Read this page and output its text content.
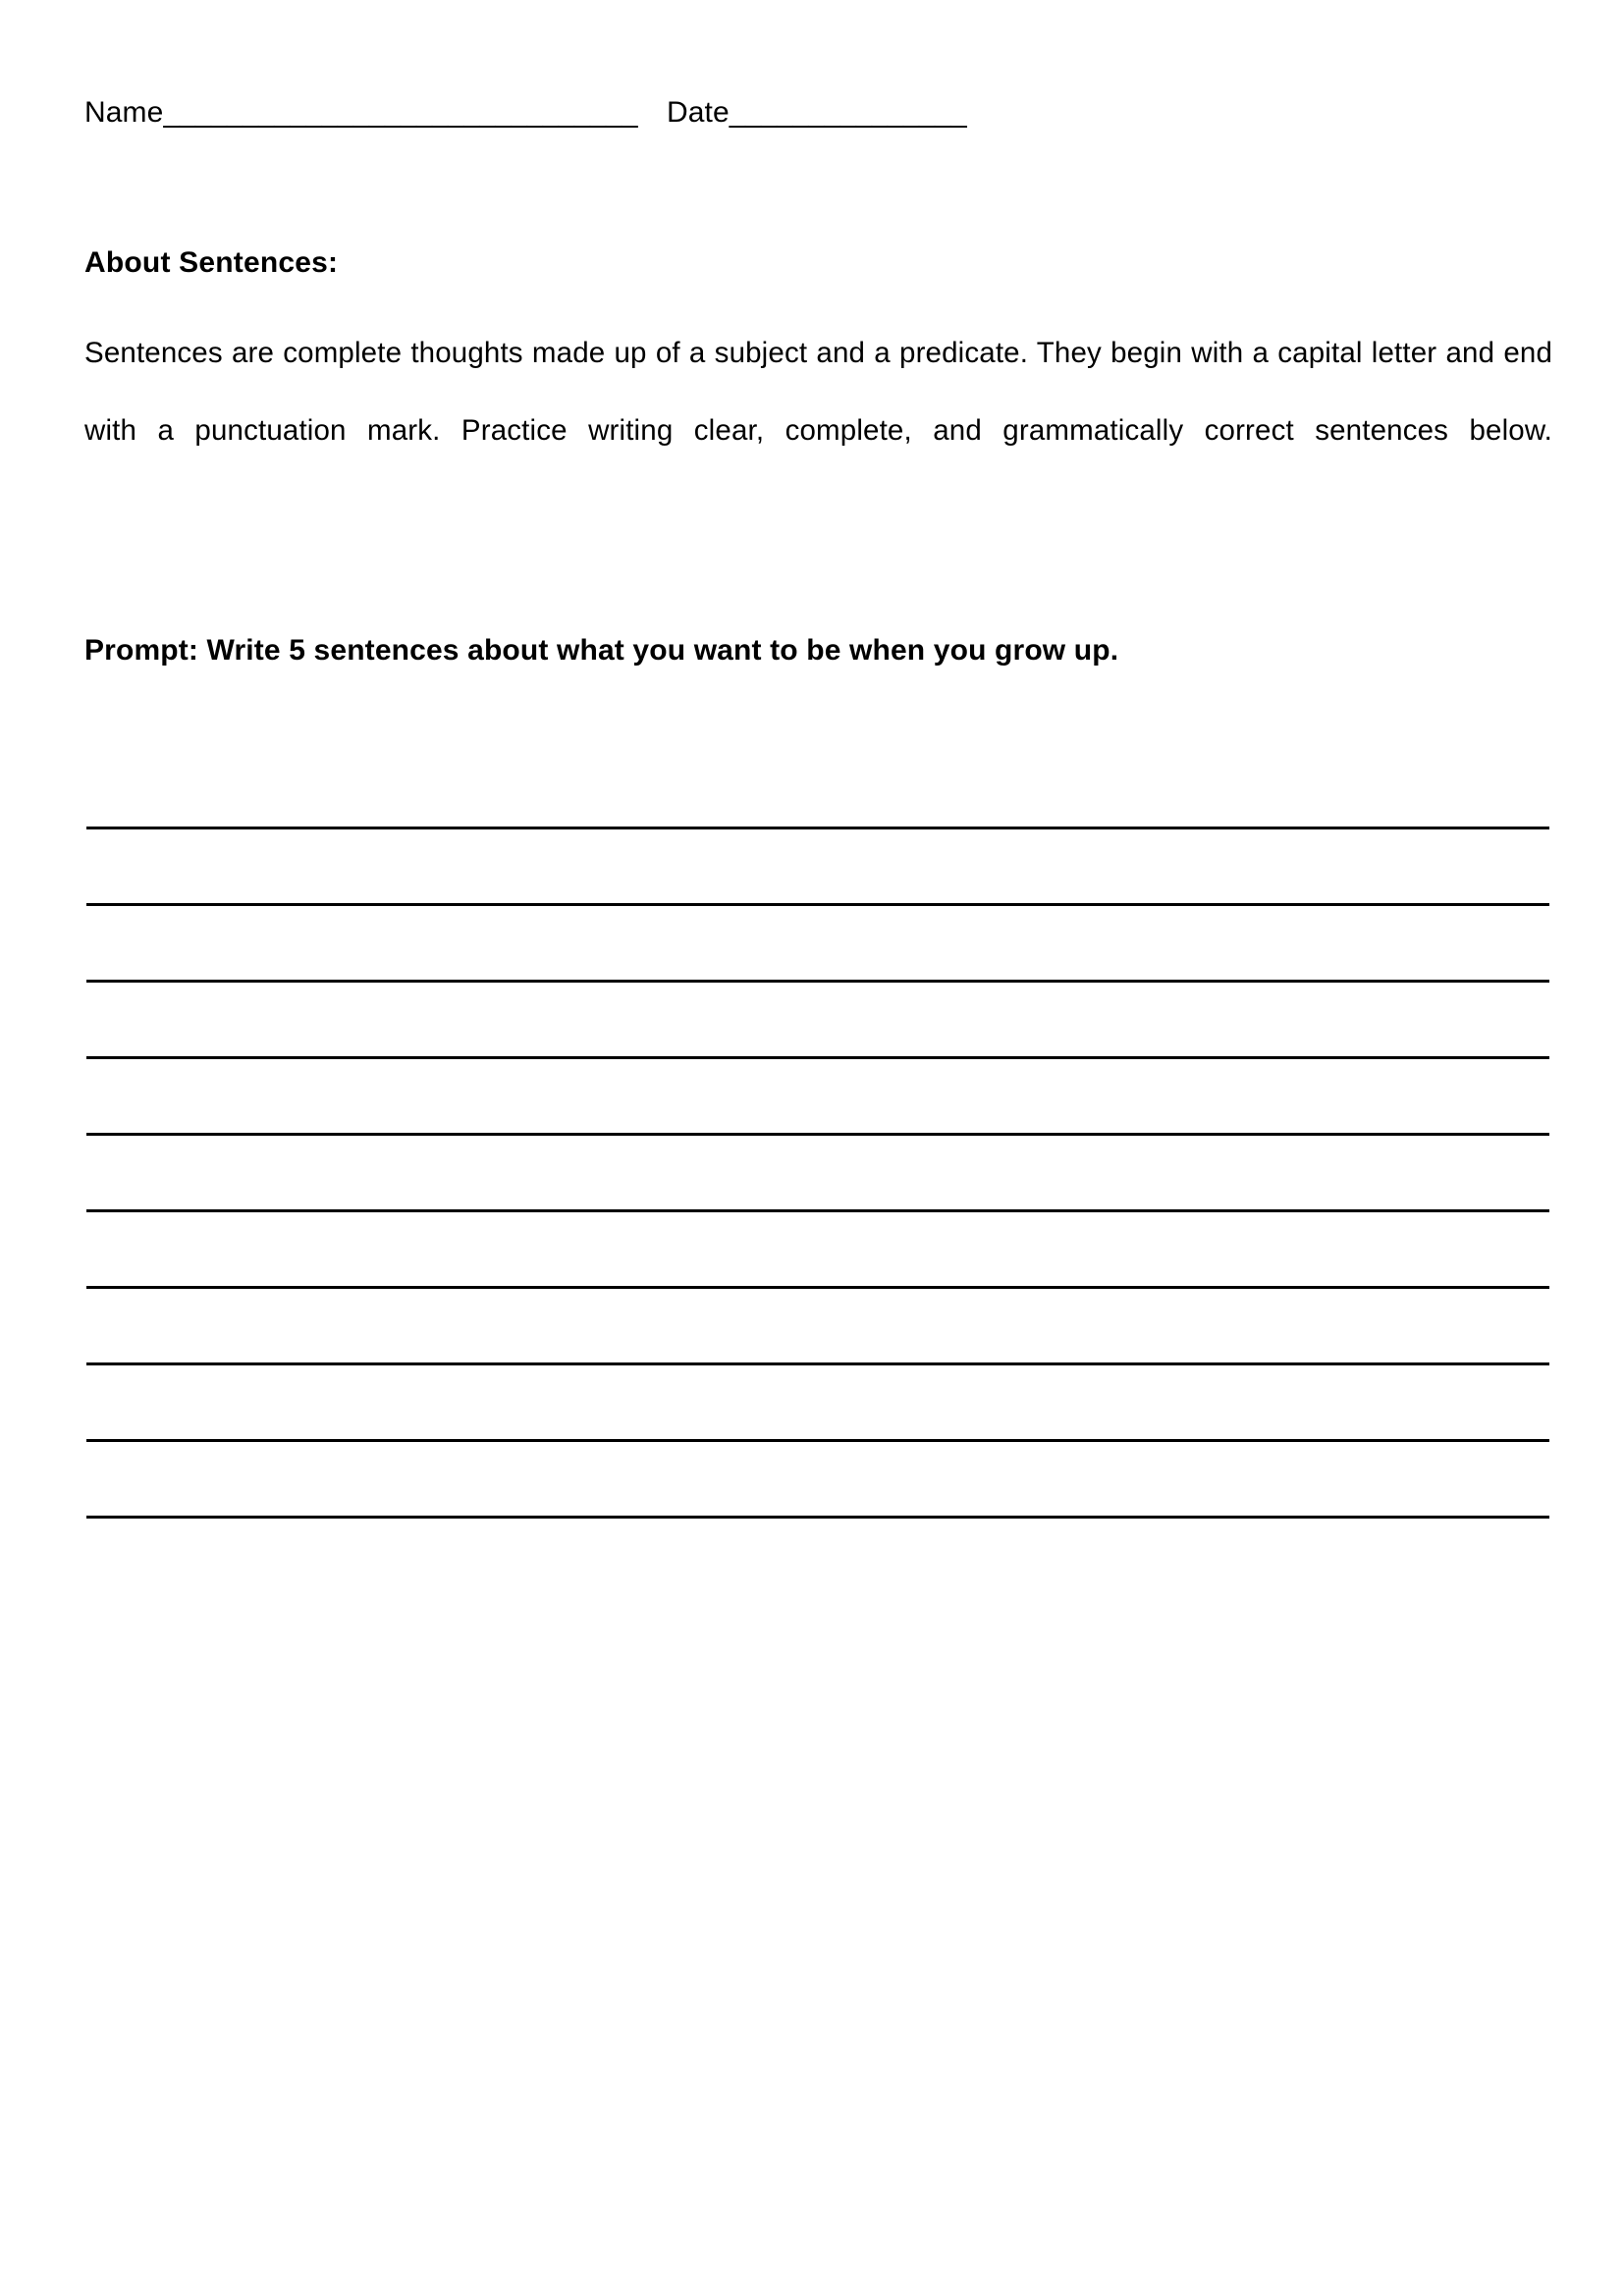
Name______________________________ Date_______________
About Sentences:
Sentences are complete thoughts made up of a subject and a predicate. They begin with a capital letter and end with a punctuation mark. Practice writing clear, complete, and grammatically correct sentences below.
Prompt: Write 5 sentences about what you want to be when you grow up.
